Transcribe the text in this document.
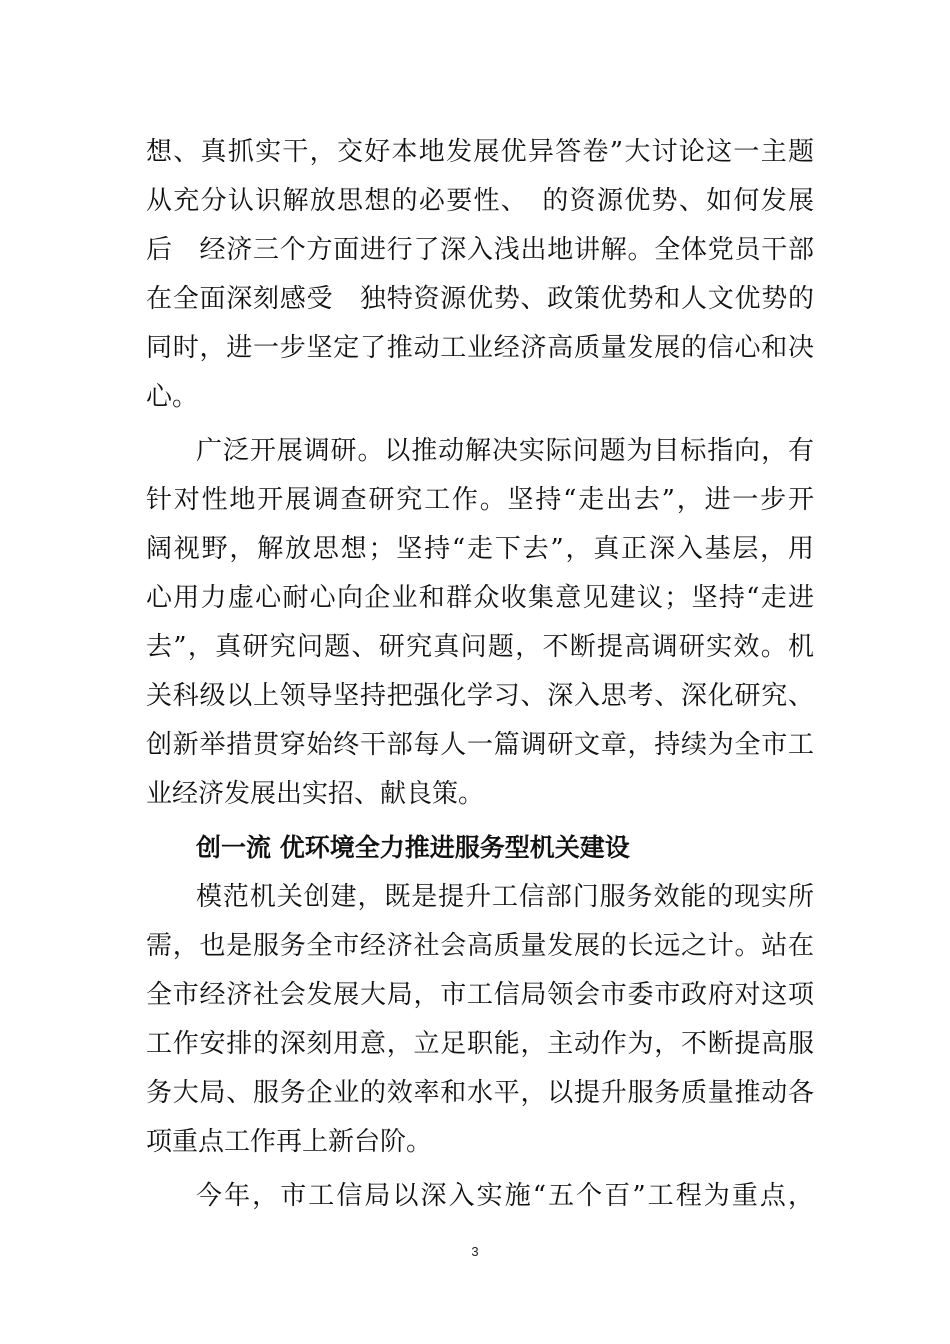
想、真抓实干，交好本地发展优异答卷”大讨论这一主题
从充分认识解放思想的必要性、　的资源优势、如何发展
后　经济三个方面进行了深入浅出地讲解。全体党员干部
在全面深刻感受　独特资源优势、政策优势和人文优势的
同时，进一步坚定了推动工业经济高质量发展的信心和决
心。
广泛开展调研。以推动解决实际问题为目标指向，有
针对性地开展调查研究工作。坚持“走出去”，进一步开
阔视野，解放思想；坚持“走下去”，真正深入基层，用
心用力虚心耐心向企业和群众收集意见建议；坚持“走进
去”，真研究问题、研究真问题，不断提高调研实效。机
关科级以上领导坚持把强化学习、深入思考、深化研究、
创新举措贯穿始终干部每人一篇调研文章，持续为全市工
业经济发展出实招、献良策。
创一流 优环境全力推进服务型机关建设
模范机关创建，既是提升工信部门服务效能的现实所
需，也是服务全市经济社会高质量发展的长远之计。站在
全市经济社会发展大局，市工信局领会市委市政府对这项
工作安排的深刻用意，立足职能，主动作为，不断提高服
务大局、服务企业的效率和水平，以提升服务质量推动各
项重点工作再上新台阶。
今年，市工信局以深入实施“五个百”工程为重点，
3
